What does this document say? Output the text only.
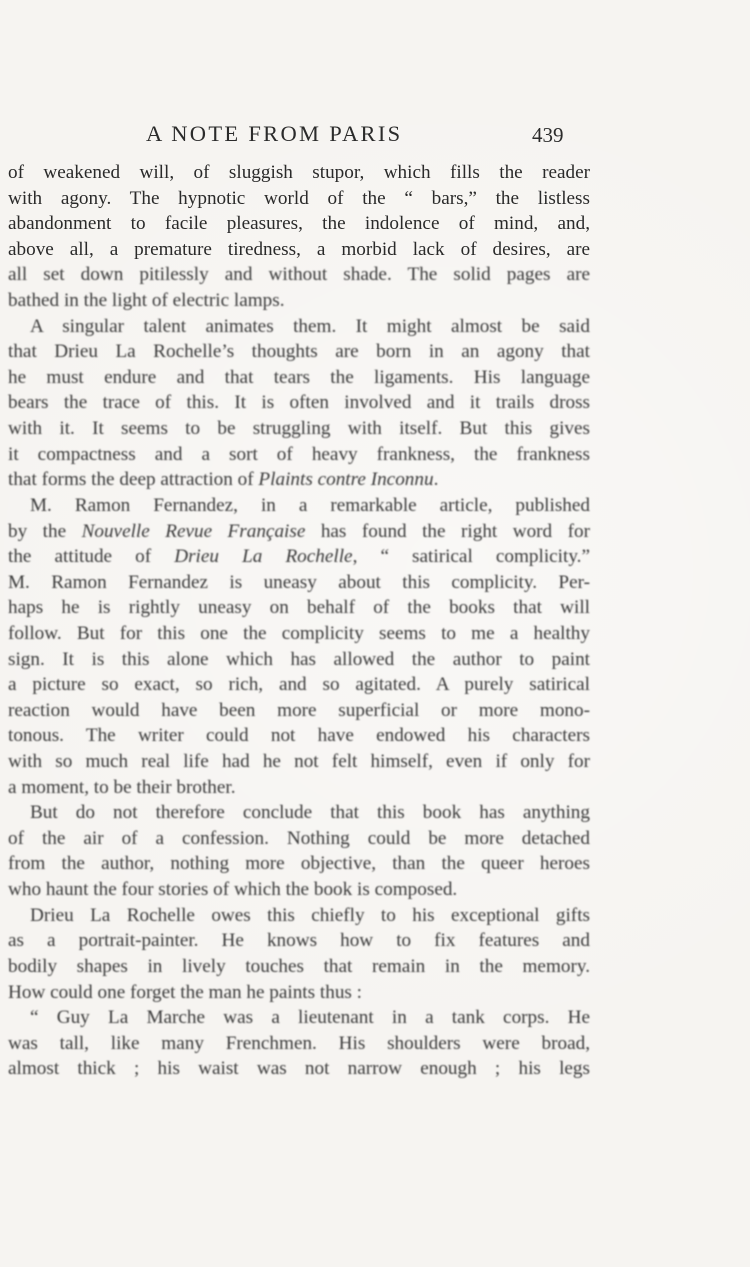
A NOTE FROM PARIS	439
of weakened will, of sluggish stupor, which fills the reader
with agony. The hypnotic world of the “ bars,” the listless
abandonment to facile pleasures, the indolence of mind, and,
above all, a premature tiredness, a morbid lack of desires, are
all set down pitilessly and without shade. The solid pages are
bathed in the light of electric lamps.
A singular talent animates them. It might almost be said
that Drieu La Rochelle’s thoughts are born in an agony that
he must endure and that tears the ligaments. His language
bears the trace of this. It is often involved and it trails dross
with it. It seems to be struggling with itself. But this gives
it compactness and a sort of heavy frankness, the frankness
that forms the deep attraction of Plaints contre Inconnu.
M. Ramon Fernandez, in a remarkable article, published
by the Nouvelle Revue Française has found the right word for
the attitude of Drieu La Rochelle, “ satirical complicity.”
M. Ramon Fernandez is uneasy about this complicity. Per-
haps he is rightly uneasy on behalf of the books that will
follow. But for this one the complicity seems to me a healthy
sign. It is this alone which has allowed the author to paint
a picture so exact, so rich, and so agitated. A purely satirical
reaction would have been more superficial or more mono-
tonous. The writer could not have endowed his characters
with so much real life had he not felt himself, even if only for
a moment, to be their brother.
But do not therefore conclude that this book has anything
of the air of a confession. Nothing could be more detached
from the author, nothing more objective, than the queer heroes
who haunt the four stories of which the book is composed.
Drieu La Rochelle owes this chiefly to his exceptional gifts
as a portrait-painter. He knows how to fix features and
bodily shapes in lively touches that remain in the memory.
How could one forget the man he paints thus :
“ Guy La Marche was a lieutenant in a tank corps. He
was tall, like many Frenchmen. His shoulders were broad,
almost thick ; his waist was not narrow enough ; his legs
